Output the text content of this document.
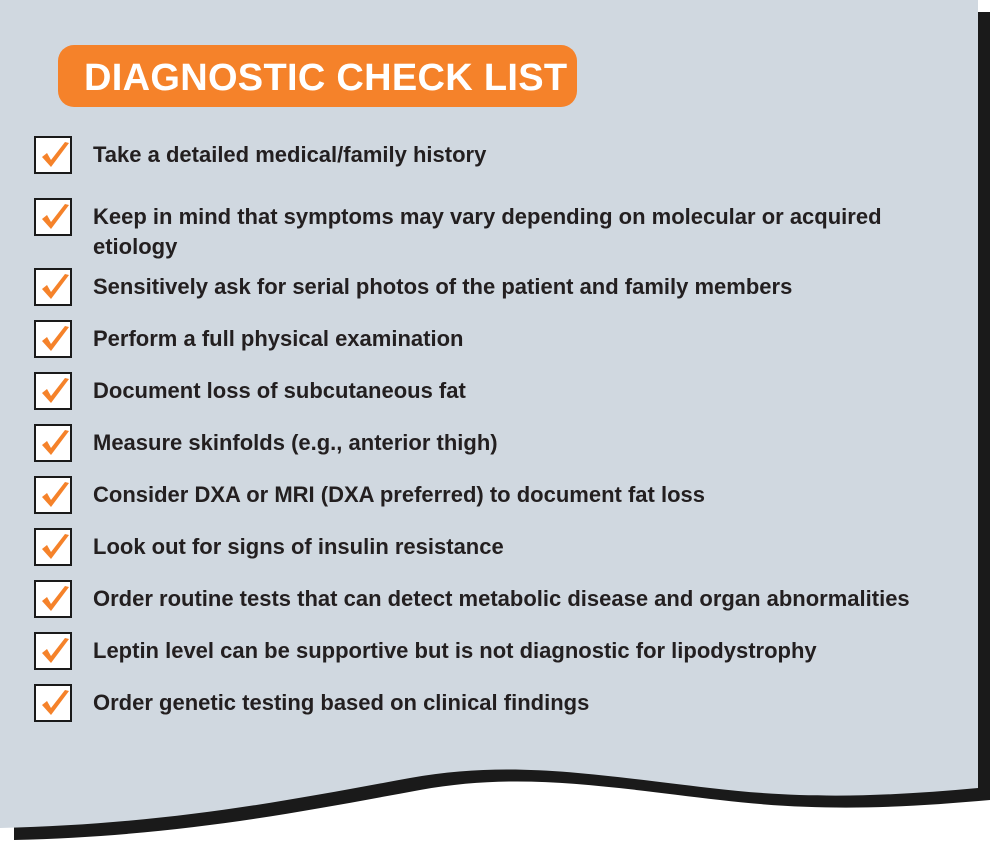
DIAGNOSTIC CHECK LIST
Take a detailed medical/family history
Keep in mind that symptoms may vary depending on molecular or acquired etiology
Sensitively ask for serial photos of the patient and family members
Perform a full physical examination
Document loss of subcutaneous fat
Measure skinfolds (e.g., anterior thigh)
Consider DXA or MRI (DXA preferred) to document fat loss
Look out for signs of insulin resistance
Order routine tests that can detect metabolic disease and organ abnormalities
Leptin level can be supportive but is not diagnostic for lipodystrophy
Order genetic testing based on clinical findings
